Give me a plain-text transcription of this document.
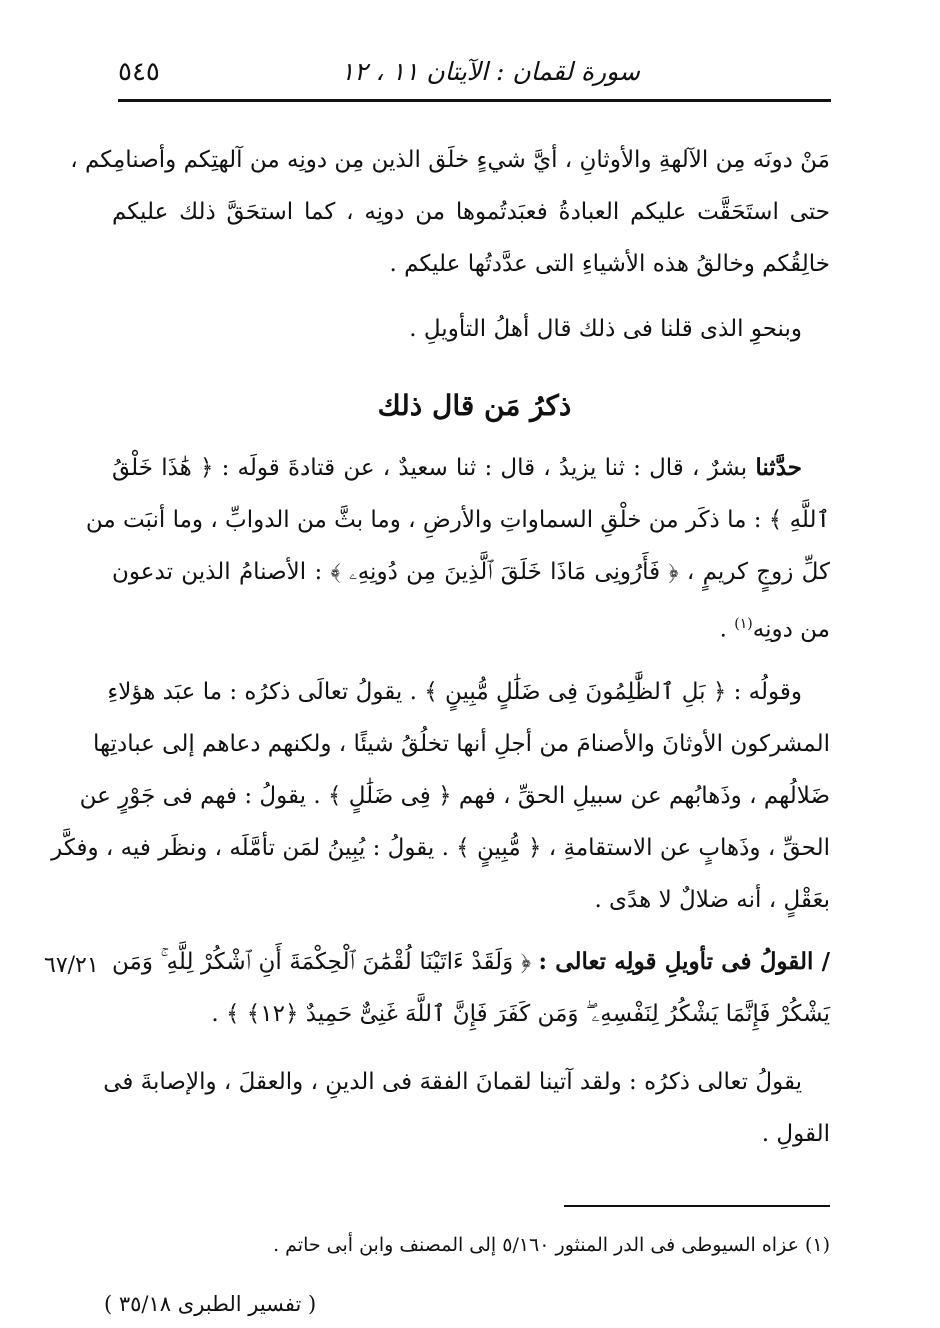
٥٤٥	سورة لقمان : الآيتان ١١ ، ١٢
مَنْ دونَه مِن الآلهةِ والأوثانِ ، أيَّ شيءٍ خلَق الذين مِن دونِه من آلهتِكم وأصنامِكم ،
حتى استَحَقَّت عليكم العبادةُ فعبَدتُموها من دونِه ، كما استحَقَّ ذلك عليكم
خالِقُكم وخالقُ هذه الأشياءِ التى عدَّدتُها عليكم .
وبنحوِ الذى قلنا فى ذلك قال أهلُ التأويلِ .
ذكرُ مَن قال ذلك
حدَّثنا بشرٌ ، قال : ثنا يزيدُ ، قال : ثنا سعيدٌ ، عن قتادةَ قولَه : ﴿ هَٰذَا خَلْقُ
ٱللَّهِ ﴾ : ما ذكَر من خلْقِ السماواتِ والأرضِ ، وما بثَّ من الدوابِّ ، وما أنبَت من
كلِّ زوجٍ كريمٍ ، ﴿ فَأَرُونِى مَاذَا خَلَقَ ٱلَّذِينَ مِن دُونِهِۦ ﴾ : الأصنامُ الذين تدعون
من دونِه$^{(١)}$ .
وقولُه : ﴿ بَلِ ٱلظَّٰلِمُونَ فِى ضَلَٰلٍ مُّبِينٍ ﴾ . يقولُ تعالَى ذكرُه : ما عبَد هؤلاءِ
المشركون الأوثانَ والأصنامَ من أجلِ أنها تخلُقُ شيئًا ، ولكنهم دعاهم إلى عبادتِها
ضَلالُهم ، وذَهابُهم عن سبيلِ الحقِّ ، فهم ﴿ فِى ضَلَٰلٍ ﴾ . يقولُ : فهم فى جَوْرٍ عن
الحقِّ ، وذَهابٍ عن الاستقامةِ ، ﴿ مُّبِينٍ ﴾ . يقولُ : يُبِينُ لمَن تأمَّلَه ، ونظَر فيه ، وفكَّر
بعَقْلٍ ، أنه ضلالٌ لا هدًى .
٦٧/٢١	/ القولُ فى تأويلِ قولِه تعالى : ﴿ وَلَقَدْ ءَاتَيْنَا لُقْمَٰنَ ٱلْحِكْمَةَ أَنِ ٱشْكُرْ لِلَّهِ ۚ وَمَن
يَشْكُرْ فَإِنَّمَا يَشْكُرُ لِنَفْسِهِۦ ۖ وَمَن كَفَرَ فَإِنَّ ٱللَّهَ غَنِىٌّ حَمِيدٌ ﴿١٢﴾ ﴾ .
يقولُ تعالى ذكرُه : ولقد آتينا لقمانَ الفقهَ فى الدينِ ، والعقلَ ، والإصابةَ فى
القولِ .
(١) عزاه السيوطى فى الدر المنثور ٥/١٦٠ إلى المصنف وابن أبى حاتم .
( تفسير الطبرى ٣٥/١٨ )
